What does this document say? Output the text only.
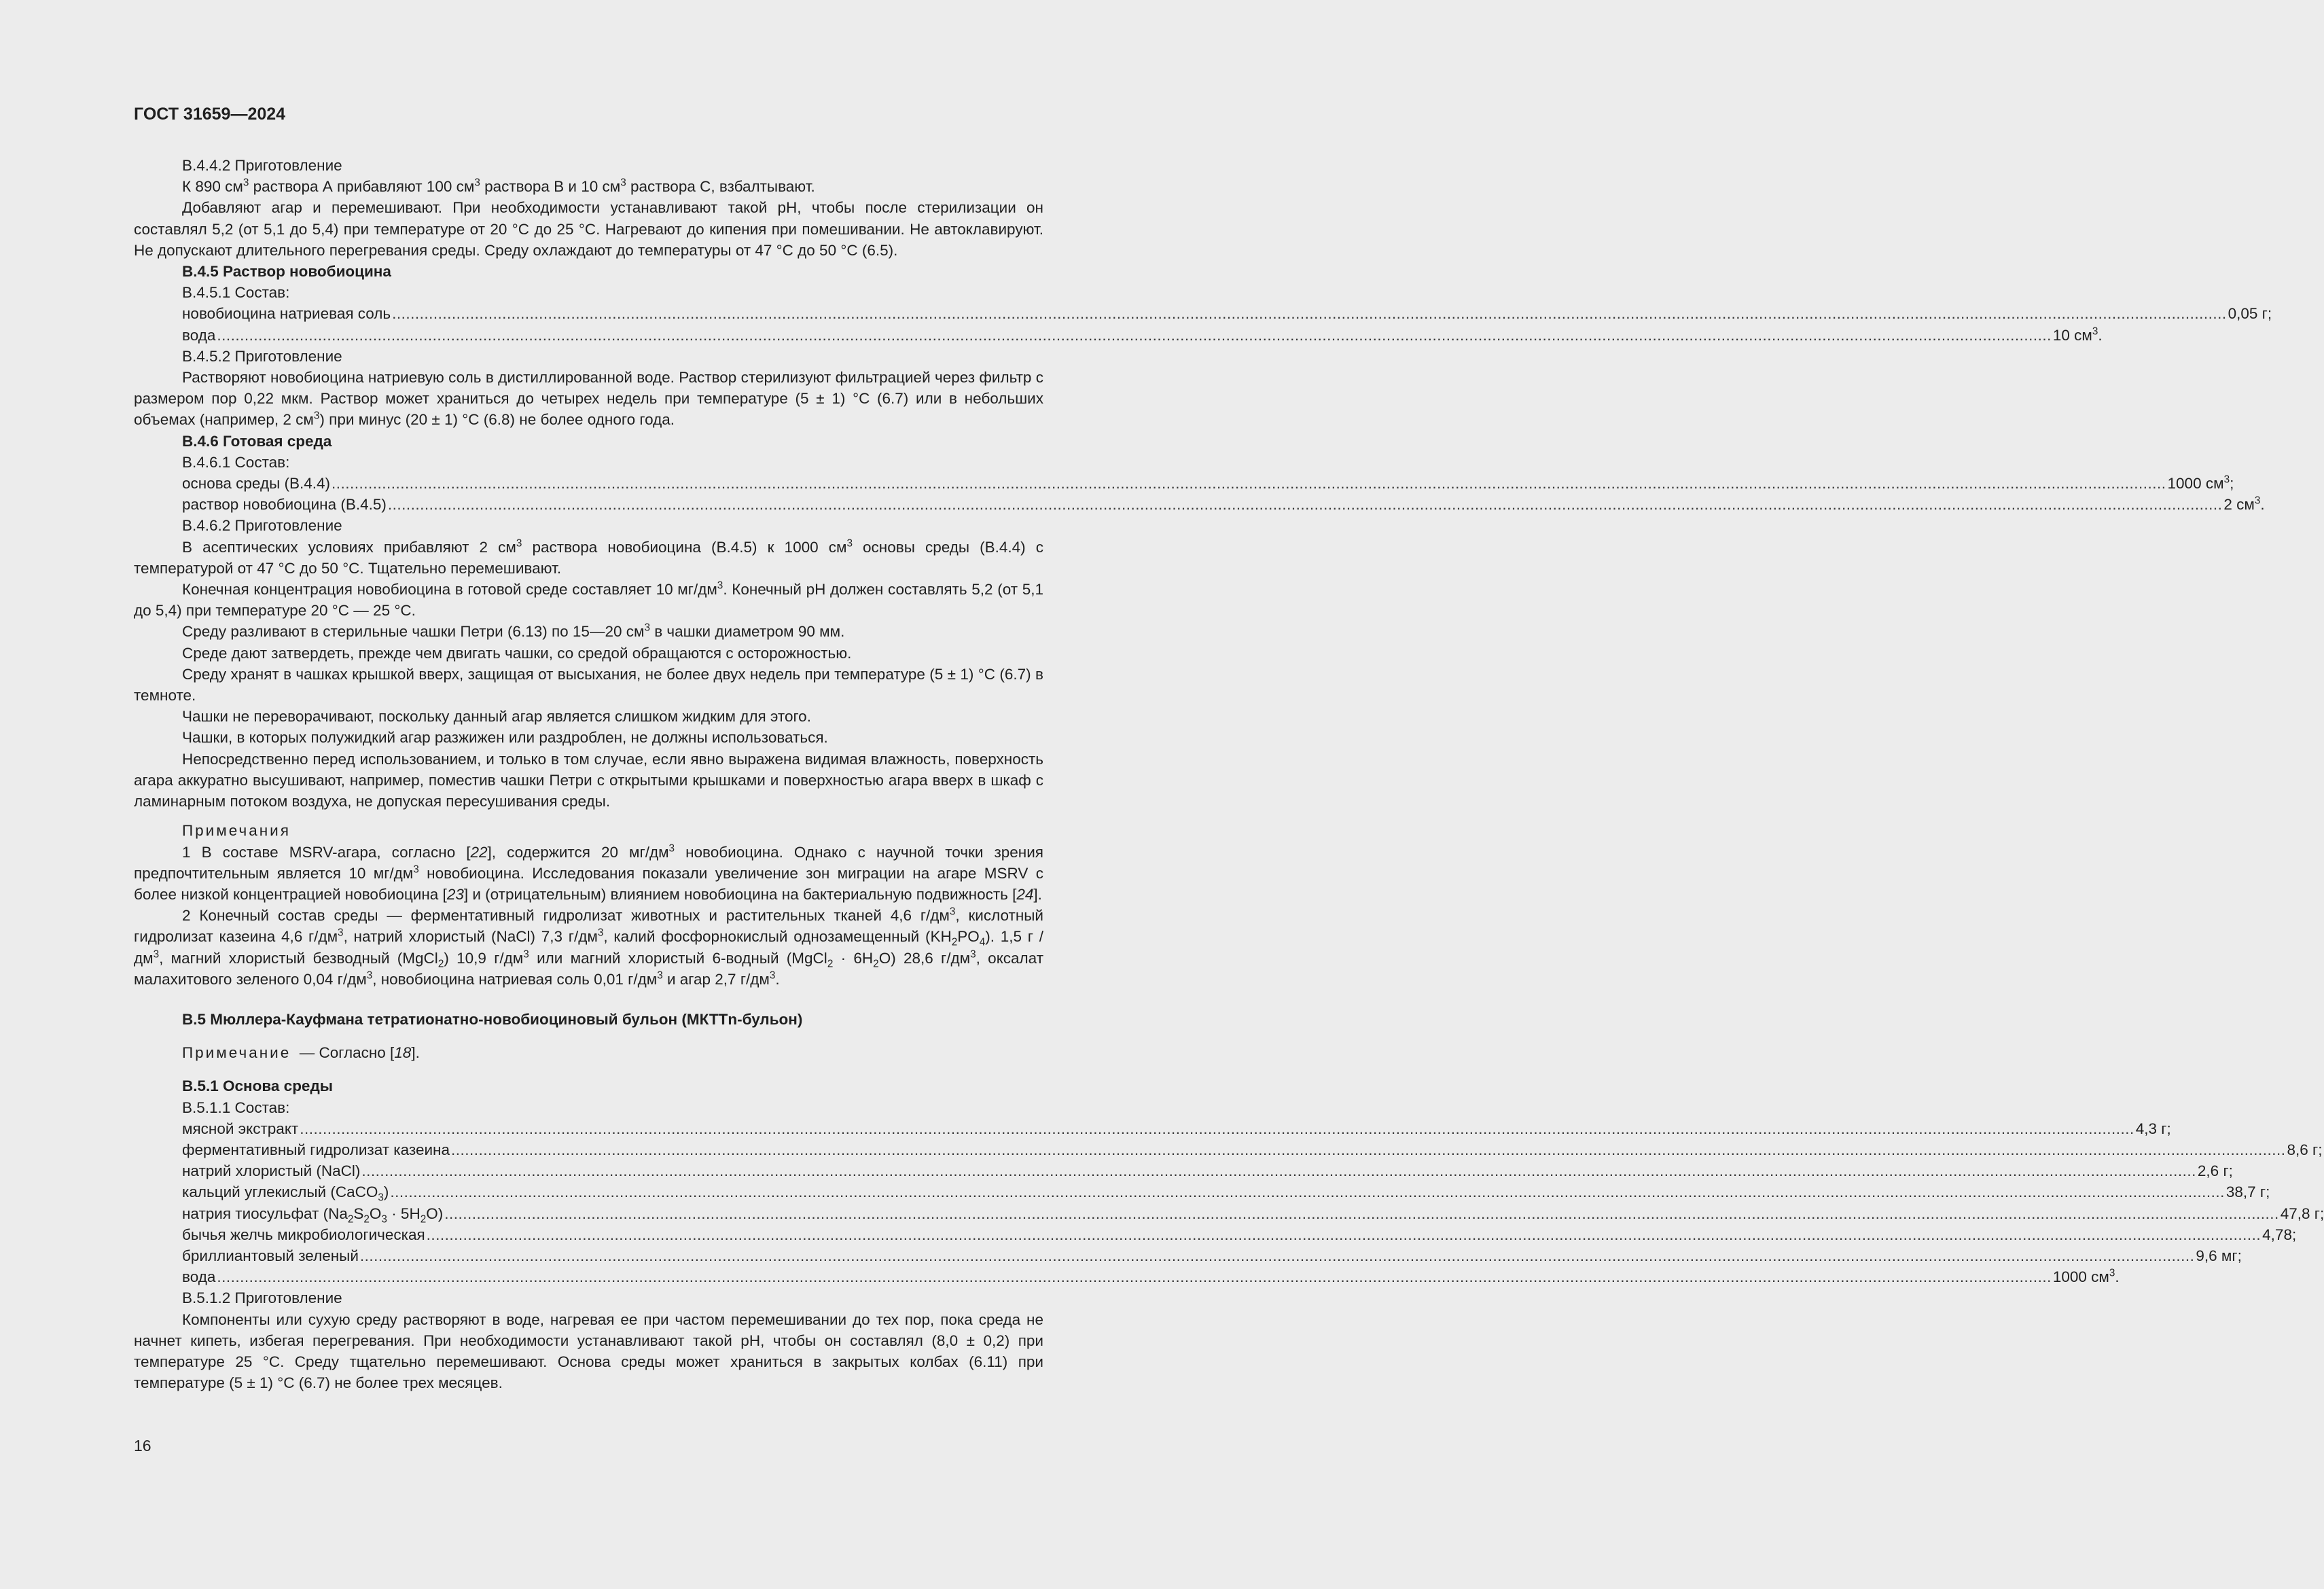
ГОСТ 31659—2024
В.4.4.2 Приготовление
К 890 $см^3$ раствора А прибавляют 100 $см^3$ раствора В и 10 $см^3$ раствора С, взбалтывают.
Добавляют агар и перемешивают. При необходимости устанавливают такой рН, чтобы после стерилизации он составлял 5,2 (от 5,1 до 5,4) при температуре от 20 °С до 25 °С. Нагревают до кипения при помешивании. Не автоклавируют. Не допускают длительного перегревания среды. Среду охлаждают до температуры от 47 °С до 50 °С (6.5).
В.4.5 Раствор новобиоцина
В.4.5.1 Состав:
новобиоцина натриевая соль ................................................................................................................................................................................................................................................................................................................................................................................................................ 0,05 г;
вода ................................................................................................................................................................................................................................................................................................................................................................................................................ 10 $см^3$.
В.4.5.2 Приготовление
Растворяют новобиоцина натриевую соль в дистиллированной воде. Раствор стерилизуют фильтрацией через фильтр с размером пор 0,22 мкм. Раствор может храниться до четырех недель при температуре (5 ± 1) °С (6.7) или в небольших объемах (например, 2 $см^3$) при минус (20 ± 1) °С (6.8) не более одного года.
В.4.6 Готовая среда
В.4.6.1 Состав:
основа среды (В.4.4) ................................................................................................................................................................................................................................................................................................................................................................................................................ 1000 $см^3$;
раствор новобиоцина (В.4.5) ................................................................................................................................................................................................................................................................................................................................................................................................................ 2 $см^3$.
В.4.6.2 Приготовление
В асептических условиях прибавляют 2 $см^3$ раствора новобиоцина (В.4.5) к 1000 $см^3$ основы среды (В.4.4) с температурой от 47 °С до 50 °С. Тщательно перемешивают.
Конечная концентрация новобиоцина в готовой среде составляет 10 $мг/дм^3$. Конечный рН должен составлять 5,2 (от 5,1 до 5,4) при температуре 20 °С — 25 °С.
Среду разливают в стерильные чашки Петри (6.13) по 15—20 $см^3$ в чашки диаметром 90 мм.
Среде дают затвердеть, прежде чем двигать чашки, со средой обращаются с осторожностью.
Среду хранят в чашках крышкой вверх, защищая от высыхания, не более двух недель при температуре (5 ± 1) °С (6.7) в темноте.
Чашки не переворачивают, поскольку данный агар является слишком жидким для этого.
Чашки, в которых полужидкий агар разжижен или раздроблен, не должны использоваться.
Непосредственно перед использованием, и только в том случае, если явно выражена видимая влажность, поверхность агара аккуратно высушивают, например, поместив чашки Петри с открытыми крышками и поверхностью агара вверх в шкаф с ламинарным потоком воздуха, не допуская пересушивания среды.
Примечания
1 В составе MSRV-агара, согласно [22], содержится 20 $мг/дм^3$ новобиоцина. Однако с научной точки зрения предпочтительным является 10 $мг/дм^3$ новобиоцина. Исследования показали увеличение зон миграции на агаре MSRV с более низкой концентрацией новобиоцина [23] и (отрицательным) влиянием новобиоцина на бактериальную подвижность [24].
2 Конечный состав среды — ферментативный гидролизат животных и растительных тканей 4,6 $г/дм^3$, кислотный гидролизат казеина 4,6 $г/дм^3$, натрий хлористый (NaCl) 7,3 $г/дм^3$, калий фосфорнокислый однозамещенный $(KH_2PO_4)$. 1,5 г $/дм^3$, магний хлористый безводный (MgCl$_2$) 10,9 $г/дм^3$ или магний хлористый 6-водный (MgCl$_2$ · $6H_2O$) 28,6 $г/дм^3$, оксалат малахитового зеленого 0,04 $г/дм^3$, новобиоцина натриевая соль 0,01 $г/дм^3$ и агар 2,7 $г/дм^3$.
В.5 Мюллера-Кауфмана тетратионатно-новобиоциновый бульон (МКТТn-бульон)
Примечание  — Согласно [18].
В.5.1 Основа среды
В.5.1.1 Состав:
мясной экстракт ................................................................................................................................................................................................................................................................................................................................................................................................................ 4,3 г;
ферментативный гидролизат казеина ................................................................................................................................................................................................................................................................................................................................................................................................................ 8,6 г;
натрий хлористый (NaCl) ................................................................................................................................................................................................................................................................................................................................................................................................................ 2,6 г;
кальций углекислый (CaCO$_3$) ................................................................................................................................................................................................................................................................................................................................................................................................................ 38,7 г;
натрия тиосульфат $(Na_2S_2O_3 \cdot 5H_2O)$ ................................................................................................................................................................................................................................................................................................................................................................................................................ 47,8 г;
бычья желчь микробиологическая ................................................................................................................................................................................................................................................................................................................................................................................................................ 4,78;
бриллиантовый зеленый ................................................................................................................................................................................................................................................................................................................................................................................................................ 9,6 мг;
вода ................................................................................................................................................................................................................................................................................................................................................................................................................ 1000 $см^3$.
В.5.1.2 Приготовление
Компоненты или сухую среду растворяют в воде, нагревая ее при частом перемешивании до тех пор, пока среда не начнет кипеть, избегая перегревания. При необходимости устанавливают такой рН, чтобы он составлял (8,0 ± 0,2) при температуре 25 °С. Среду тщательно перемешивают. Основа среды может храниться в закрытых колбах (6.11) при температуре (5 ± 1) °С (6.7) не более трех месяцев.
16
